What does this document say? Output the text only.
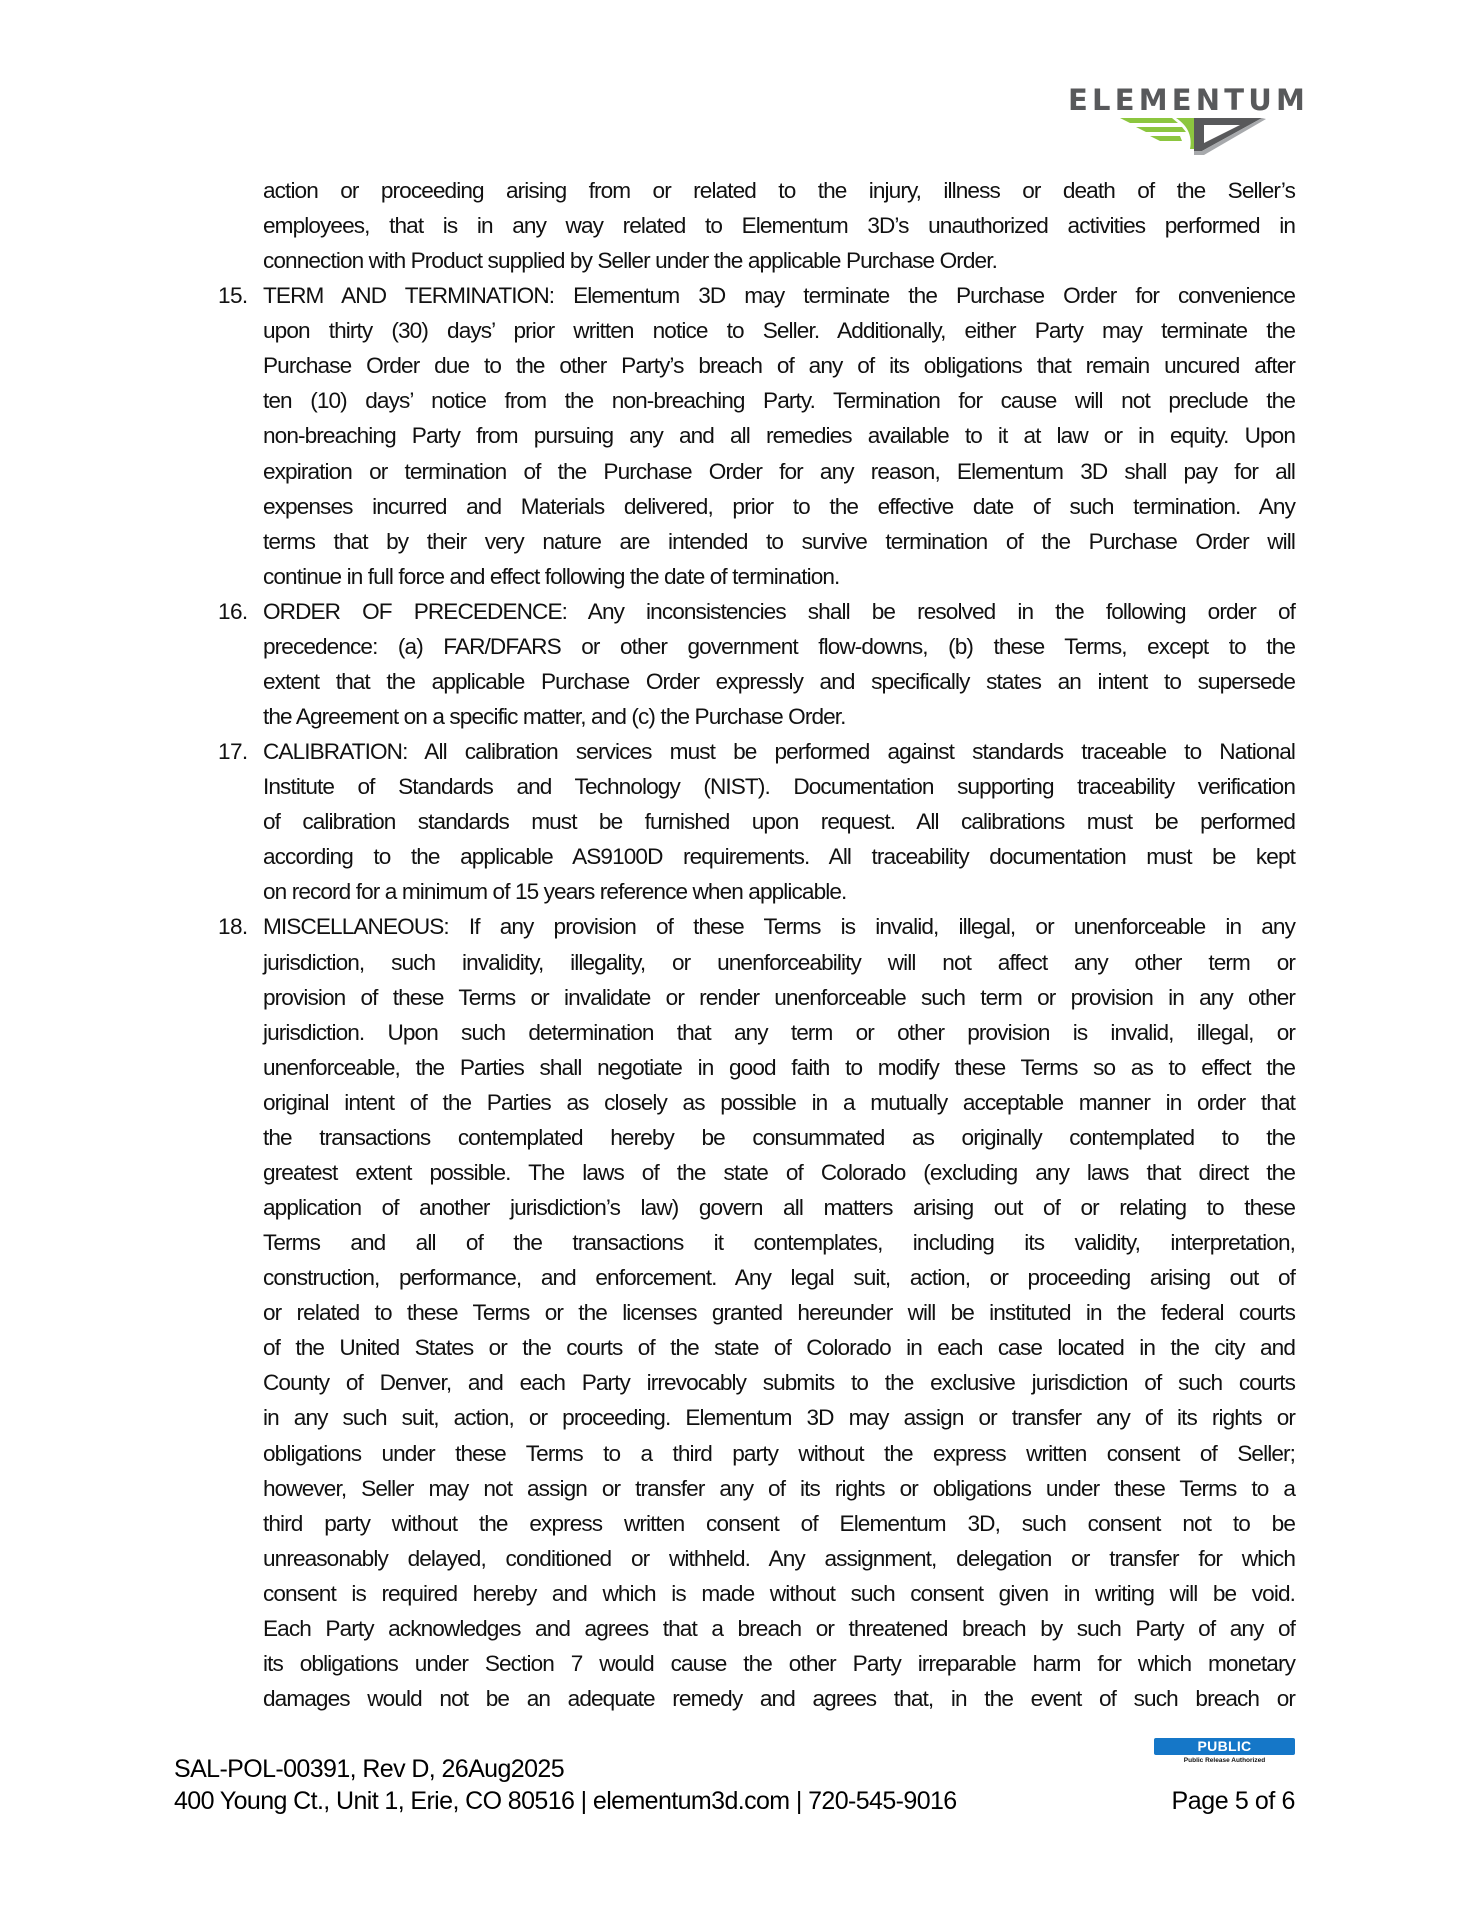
ELEMENTUM
action or proceeding arising from or related to the injury, illness or death of the Seller’s
employees, that is in any way related to Elementum 3D’s unauthorized activities performed in
connection with Product supplied by Seller under the applicable Purchase Order.
15. TERM AND TERMINATION: Elementum 3D may terminate the Purchase Order for convenience
upon thirty (30) days’ prior written notice to Seller. Additionally, either Party may terminate the
Purchase Order due to the other Party’s breach of any of its obligations that remain uncured after
ten (10) days’ notice from the non-breaching Party. Termination for cause will not preclude the
non-breaching Party from pursuing any and all remedies available to it at law or in equity. Upon
expiration or termination of the Purchase Order for any reason, Elementum 3D shall pay for all
expenses incurred and Materials delivered, prior to the effective date of such termination. Any
terms that by their very nature are intended to survive termination of the Purchase Order will
continue in full force and effect following the date of termination.
16. ORDER OF PRECEDENCE: Any inconsistencies shall be resolved in the following order of
precedence: (a) FAR/DFARS or other government flow-downs, (b) these Terms, except to the
extent that the applicable Purchase Order expressly and specifically states an intent to supersede
the Agreement on a specific matter, and (c) the Purchase Order.
17. CALIBRATION: All calibration services must be performed against standards traceable to National
Institute of Standards and Technology (NIST). Documentation supporting traceability verification
of calibration standards must be furnished upon request. All calibrations must be performed
according to the applicable AS9100D requirements. All traceability documentation must be kept
on record for a minimum of 15 years reference when applicable.
18. MISCELLANEOUS: If any provision of these Terms is invalid, illegal, or unenforceable in any
jurisdiction, such invalidity, illegality, or unenforceability will not affect any other term or
provision of these Terms or invalidate or render unenforceable such term or provision in any other
jurisdiction. Upon such determination that any term or other provision is invalid, illegal, or
unenforceable, the Parties shall negotiate in good faith to modify these Terms so as to effect the
original intent of the Parties as closely as possible in a mutually acceptable manner in order that
the transactions contemplated hereby be consummated as originally contemplated to the
greatest extent possible. The laws of the state of Colorado (excluding any laws that direct the
application of another jurisdiction’s law) govern all matters arising out of or relating to these
Terms and all of the transactions it contemplates, including its validity, interpretation,
construction, performance, and enforcement. Any legal suit, action, or proceeding arising out of
or related to these Terms or the licenses granted hereunder will be instituted in the federal courts
of the United States or the courts of the state of Colorado in each case located in the city and
County of Denver, and each Party irrevocably submits to the exclusive jurisdiction of such courts
in any such suit, action, or proceeding. Elementum 3D may assign or transfer any of its rights or
obligations under these Terms to a third party without the express written consent of Seller;
however, Seller may not assign or transfer any of its rights or obligations under these Terms to a
third party without the express written consent of Elementum 3D, such consent not to be
unreasonably delayed, conditioned or withheld. Any assignment, delegation or transfer for which
consent is required hereby and which is made without such consent given in writing will be void.
Each Party acknowledges and agrees that a breach or threatened breach by such Party of any of
its obligations under Section 7 would cause the other Party irreparable harm for which monetary
damages would not be an adequate remedy and agrees that, in the event of such breach or
SAL-POL-00391, Rev D, 26Aug2025
400 Young Ct., Unit 1, Erie, CO 80516 | elementum3d.com | 720-545-9016
PUBLIC
Public Release Authorized
Page 5 of 6
